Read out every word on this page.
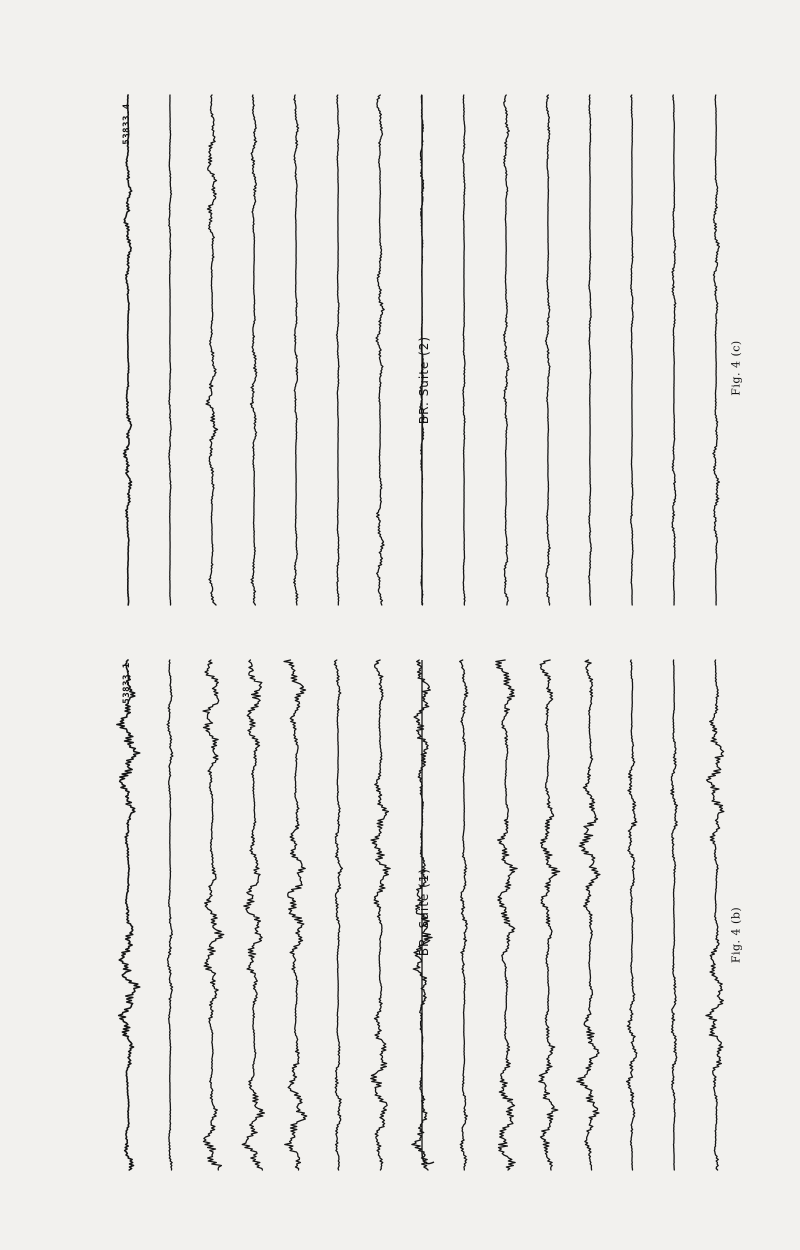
53833.1
BR. Suite (1)	Fig. 4 (b)
53833.4
BR. Suite (2)	Fig. 4 (c)
